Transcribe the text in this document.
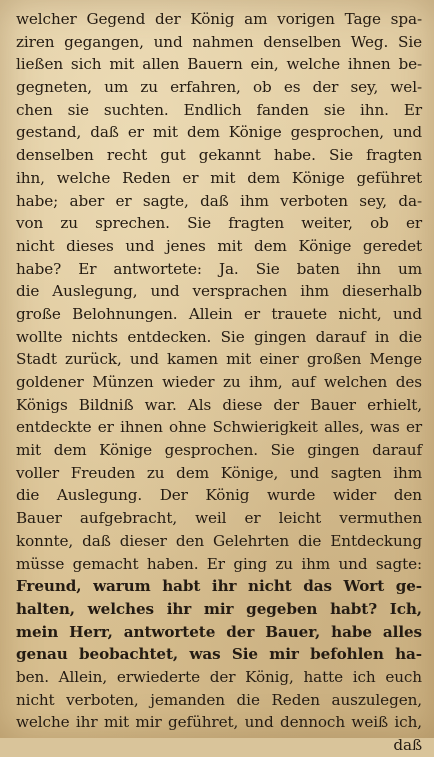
welcher Gegend der König am vorigen Tage spa-
ziren gegangen, und nahmen denselben Weg. Sie
ließen sich mit allen Bauern ein, welche ihnen be-
gegneten, um zu erfahren, ob es der sey, wel-
chen sie suchten. Endlich fanden sie ihn. Er
gestand, daß er mit dem Könige gesprochen, und
denselben recht gut gekannt habe. Sie fragten
ihn, welche Reden er mit dem Könige geführet
habe; aber er sagte, daß ihm verboten sey, da-
von zu sprechen. Sie fragten weiter, ob er
nicht dieses und jenes mit dem Könige geredet
habe? Er antwortete: Ja. Sie baten ihn um
die Auslegung, und versprachen ihm dieserhalb
große Belohnungen. Allein er trauete nicht, und
wollte nichts entdecken. Sie gingen darauf in die
Stadt zurück, und kamen mit einer großen Menge
goldener Münzen wieder zu ihm, auf welchen des
Königs Bildniß war. Als diese der Bauer erhielt,
entdeckte er ihnen ohne Schwierigkeit alles, was er
mit dem Könige gesprochen. Sie gingen darauf
voller Freuden zu dem Könige, und sagten ihm
die Auslegung. Der König wurde wider den
Bauer aufgebracht, weil er leicht vermuthen
konnte, daß dieser den Gelehrten die Entdeckung
müsse gemacht haben. Er ging zu ihm und sagte:
Freund, warum habt ihr nicht das Wort ge-
halten, welches ihr mir gegeben habt? Ich,
mein Herr, antwortete der Bauer, habe alles
genau beobachtet, was Sie mir befohlen ha-
ben. Allein, erwiederte der König, hatte ich euch
nicht verboten, jemanden die Reden auszulegen,
welche ihr mit mir geführet, und dennoch weiß ich,
daß
